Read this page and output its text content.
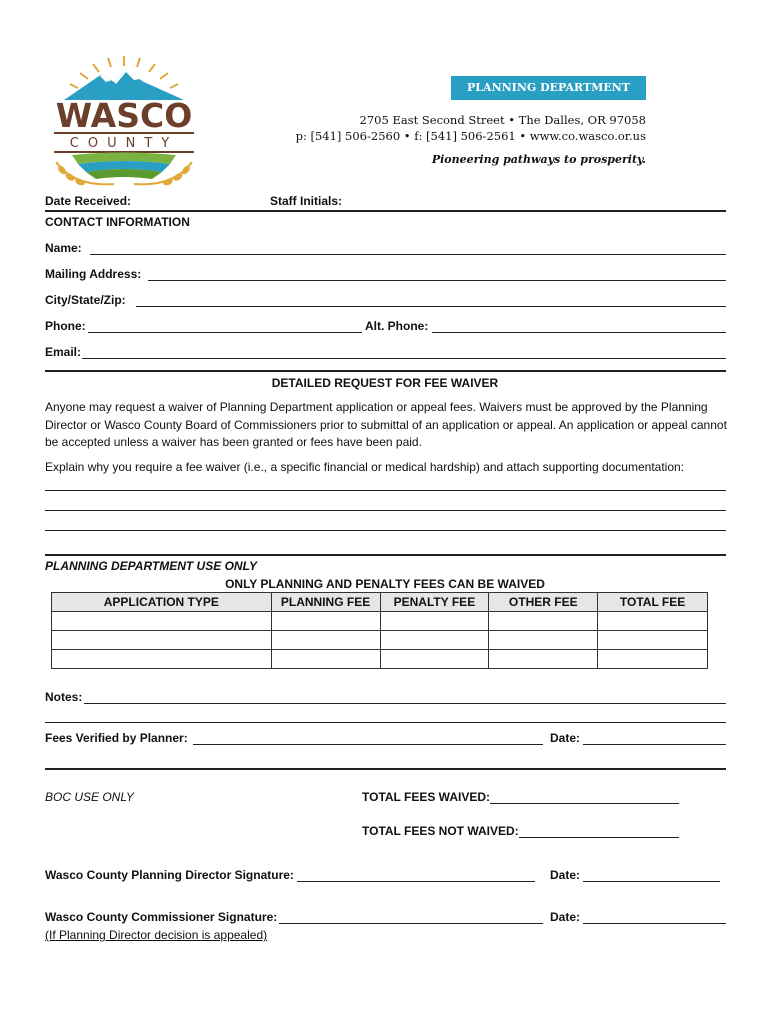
WASCO
COUNTY
PLANNING DEPARTMENT
2705 East Second Street • The Dalles, OR 97058
p: [541] 506-2560 • f: [541] 506-2561 • www.co.wasco.or.us
Pioneering pathways to prosperity.
Date Received:	Staff Initials:
CONTACT INFORMATION
Name:
Mailing Address:
City/State/Zip:
Phone:	Alt. Phone:
Email:
DETAILED REQUEST FOR FEE WAIVER
Anyone may request a waiver of Planning Department application or appeal fees. Waivers must be approved by the Planning Director or Wasco County Board of Commissioners prior to submittal of an application or appeal. An application or appeal cannot be accepted unless a waiver has been granted or fees have been paid.
Explain why you require a fee waiver (i.e., a specific financial or medical hardship) and attach supporting documentation:
PLANNING DEPARTMENT USE ONLY
ONLY PLANNING AND PENALTY FEES CAN BE WAIVED
APPLICATION TYPE	PLANNING FEE	PENALTY FEE	OTHER FEE	TOTAL FEE

Notes:
Fees Verified by Planner:	Date:
BOC USE ONLY	TOTAL FEES WAIVED:
TOTAL FEES NOT WAIVED:
Wasco County Planning Director Signature:	Date:
Wasco County Commissioner Signature:	Date:
(If Planning Director decision is appealed)
